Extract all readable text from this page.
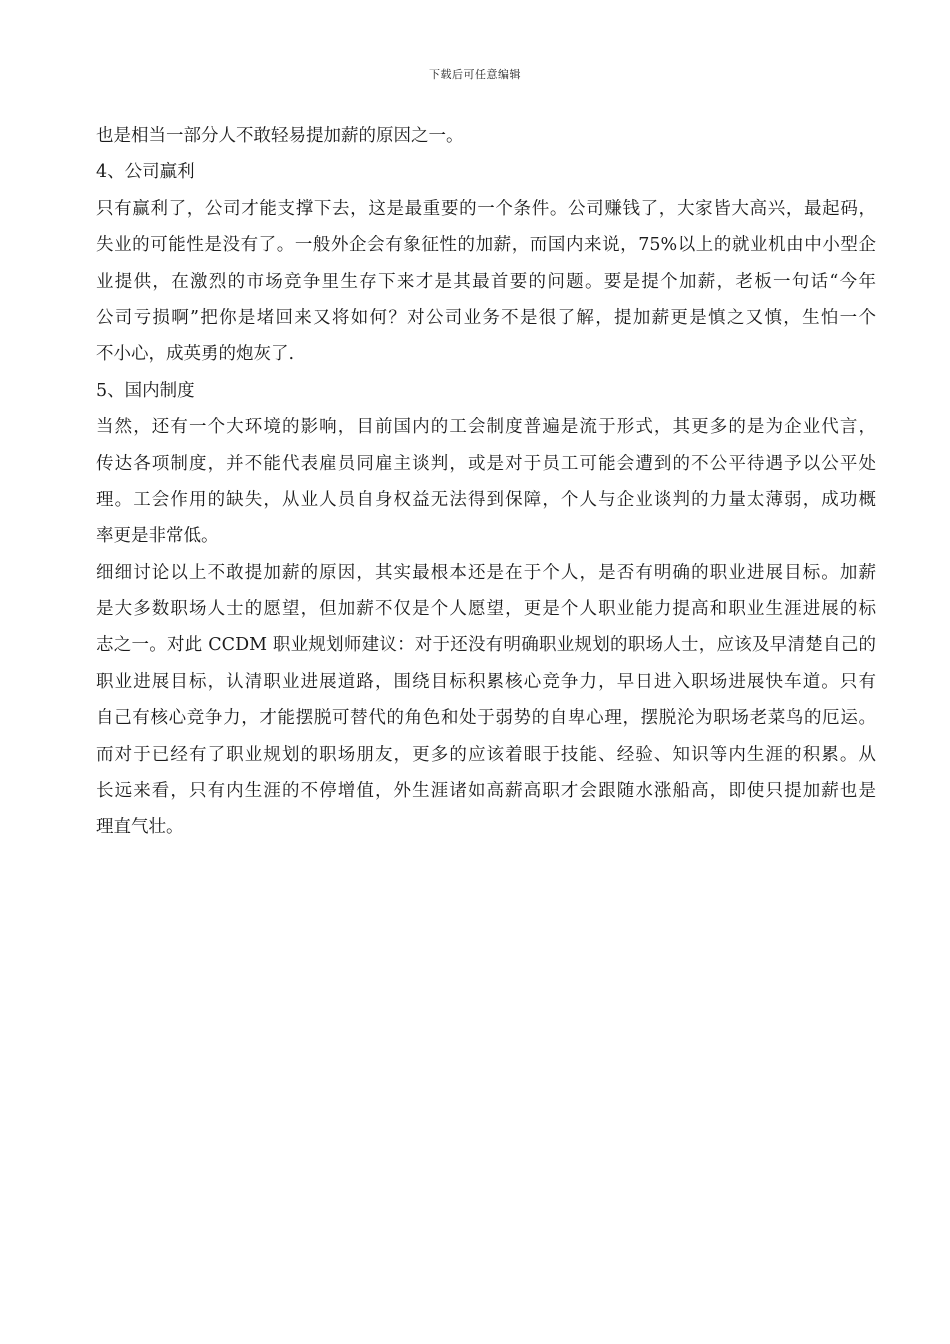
下载后可任意编辑
也是相当一部分人不敢轻易提加薪的原因之一。
4、公司赢利
只有赢利了，公司才能支撑下去，这是最重要的一个条件。公司赚钱了，大家皆大高兴，最起码，
失业的可能性是没有了。一般外企会有象征性的加薪，而国内来说，75%以上的就业机由中小型企
业提供，在激烈的市场竞争里生存下来才是其最首要的问题。要是提个加薪，老板一句话“今年
公司亏损啊”把你是堵回来又将如何？对公司业务不是很了解，提加薪更是慎之又慎，生怕一个
不小心，成英勇的炮灰了.
5、国内制度
当然，还有一个大环境的影响，目前国内的工会制度普遍是流于形式，其更多的是为企业代言，
传达各项制度，并不能代表雇员同雇主谈判，或是对于员工可能会遭到的不公平待遇予以公平处
理。工会作用的缺失，从业人员自身权益无法得到保障，个人与企业谈判的力量太薄弱，成功概
率更是非常低。
细细讨论以上不敢提加薪的原因，其实最根本还是在于个人，是否有明确的职业进展目标。加薪
是大多数职场人士的愿望，但加薪不仅是个人愿望，更是个人职业能力提高和职业生涯进展的标
志之一。对此 CCDM 职业规划师建议：对于还没有明确职业规划的职场人士，应该及早清楚自己的
职业进展目标，认清职业进展道路，围绕目标积累核心竞争力，早日进入职场进展快车道。只有
自己有核心竞争力，才能摆脱可替代的角色和处于弱势的自卑心理，摆脱沦为职场老菜鸟的厄运。
而对于已经有了职业规划的职场朋友，更多的应该着眼于技能、经验、知识等内生涯的积累。从
长远来看，只有内生涯的不停增值，外生涯诸如高薪高职才会跟随水涨船高，即使只提加薪也是
理直气壮。
